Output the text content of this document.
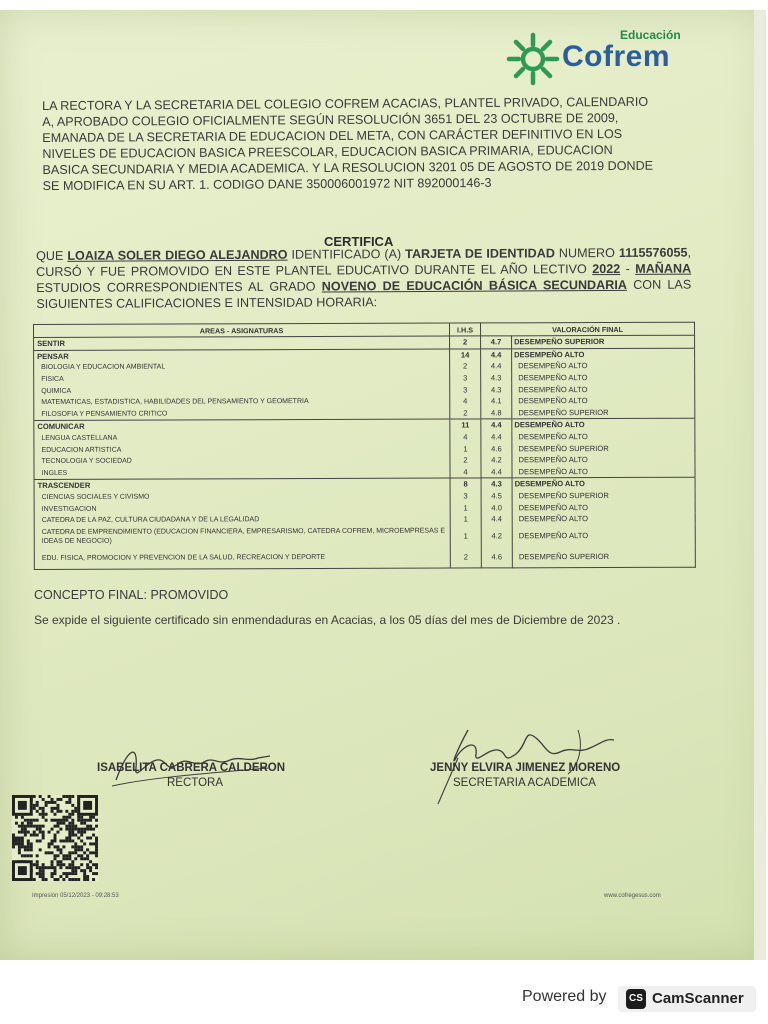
Educación
Cofrem
LA RECTORA Y LA SECRETARIA DEL COLEGIO COFREM ACACIAS, PLANTEL PRIVADO, CALENDARIO
A, APROBADO COLEGIO OFICIALMENTE SEGÚN RESOLUCIÓN 3651 DEL 23 OCTUBRE DE 2009,
EMANADA DE LA SECRETARIA DE EDUCACION DEL META, CON CARÁCTER DEFINITIVO EN LOS
NIVELES DE EDUCACION BASICA PREESCOLAR, EDUCACION BASICA PRIMARIA, EDUCACION
BASICA SECUNDARIA Y MEDIA ACADEMICA. Y LA RESOLUCION 3201 05 DE AGOSTO DE 2019 DONDE
SE MODIFICA EN SU ART. 1. CODIGO DANE 350006001972 NIT 892000146-3
CERTIFICA
QUE LOAIZA SOLER DIEGO ALEJANDRO IDENTIFICADO (A) TARJETA DE IDENTIDAD NUMERO 1115576055, CURSÓ Y FUE PROMOVIDO EN ESTE PLANTEL EDUCATIVO DURANTE EL AÑO LECTIVO 2022 - MAÑANA ESTUDIOS CORRESPONDIENTES AL GRADO NOVENO DE EDUCACIÓN BÁSICA SECUNDARIA CON LAS SIGUIENTES CALIFICACIONES E INTENSIDAD HORARIA:
AREAS - ASIGNATURAS	I.H.S	VALORACIÓN FINAL	
SENTIR	2	4.7	DESEMPEÑO SUPERIOR
PENSAR	14	4.4	DESEMPEÑO ALTO
BIOLOGIA Y EDUCACION AMBIENTAL	2	4.4	DESEMPEÑO ALTO
FISICA	3	4.3	DESEMPEÑO ALTO
QUIMICA	3	4.3	DESEMPEÑO ALTO
MATEMATICAS, ESTADISTICA, HABILIDADES DEL PENSAMIENTO Y GEOMETRIA	4	4.1	DESEMPEÑO ALTO
FILOSOFIA Y PENSAMIENTO CRITICO	2	4.8	DESEMPEÑO SUPERIOR
COMUNICAR	11	4.4	DESEMPEÑO ALTO
LENGUA CASTELLANA	4	4.4	DESEMPEÑO ALTO
EDUCACION ARTISTICA	1	4.6	DESEMPEÑO SUPERIOR
TECNOLOGIA Y SOCIEDAD	2	4.2	DESEMPEÑO ALTO
INGLES	4	4.4	DESEMPEÑO ALTO
TRASCENDER	8	4.3	DESEMPEÑO ALTO
CIENCIAS SOCIALES Y CIVISMO	3	4.5	DESEMPEÑO SUPERIOR
INVESTIGACION	1	4.0	DESEMPEÑO ALTO
CATEDRA DE LA PAZ, CULTURA CIUDADANA Y DE LA LEGALIDAD	1	4.4	DESEMPEÑO ALTO
CATEDRA DE EMPRENDIMIENTO (EDUCACION FINANCIERA, EMPRESARISMO, CATEDRA COFREM, MICROEMPRESAS E IDEAS DE NEGOCIO)	1	4.2	DESEMPEÑO ALTO
EDU. FISICA, PROMOCION Y PREVENCION DE LA SALUD, RECREACION Y DEPORTE	2	4.6	DESEMPEÑO SUPERIOR
CONCEPTO FINAL: PROMOVIDO
Se expide el siguiente certificado sin enmendaduras en Acacias, a los 05 días del mes de Diciembre de 2023 .
ISABELITA CABRERA CALDERON
RECTORA
JENNY ELVIRA JIMENEZ MORENO
SECRETARIA ACADEMICA
Impresión 05/12/2023 - 09:28:53	www.cofregesus.com
Powered by	CS CamScanner
